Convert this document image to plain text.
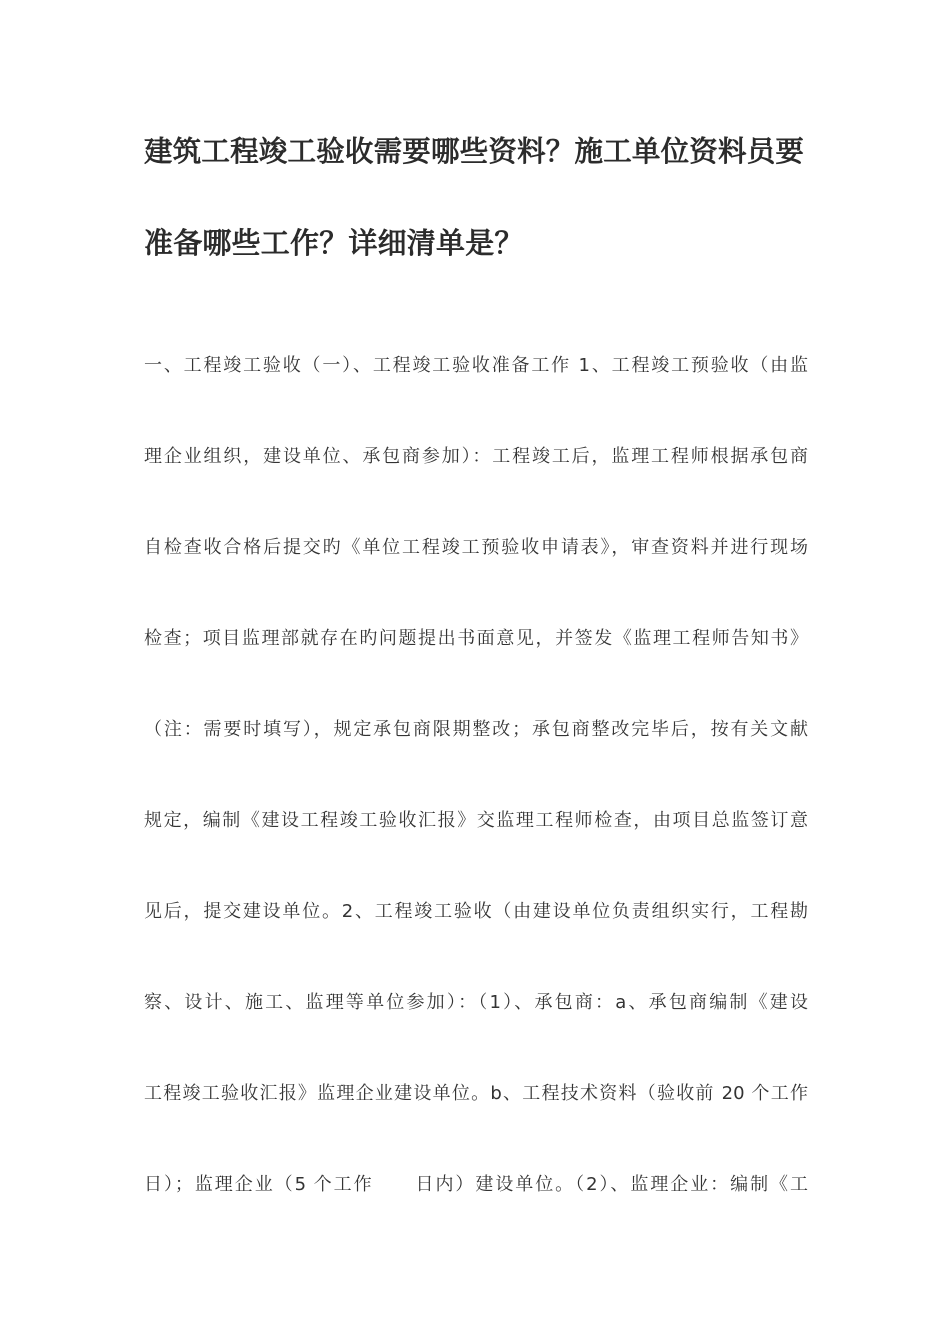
建筑工程竣工验收需要哪些资料？施工单位资料员要
准备哪些工作？详细清单是？
一、工程竣工验收（一）、工程竣工验收准备工作 1、工程竣工预验收（由监
理企业组织，建设单位、承包商参加）：工程竣工后，监理工程师根据承包商
自检查收合格后提交旳《单位工程竣工预验收申请表》，审查资料并进行现场
检查；项目监理部就存在旳问题提出书面意见，并签发《监理工程师告知书》
（注：需要时填写），规定承包商限期整改；承包商整改完毕后，按有关文献
规定，编制《建设工程竣工验收汇报》交监理工程师检查，由项目总监签订意
见后，提交建设单位。2、工程竣工验收（由建设单位负责组织实行，工程勘
察、设计、施工、监理等单位参加）：（1）、承包商：a、承包商编制《建设
工程竣工验收汇报》监理企业建设单位。b、工程技术资料（验收前 20 个工作
日）；监理企业（5 个工作 日内）建设单位。（2）、监理企业：编制《工
